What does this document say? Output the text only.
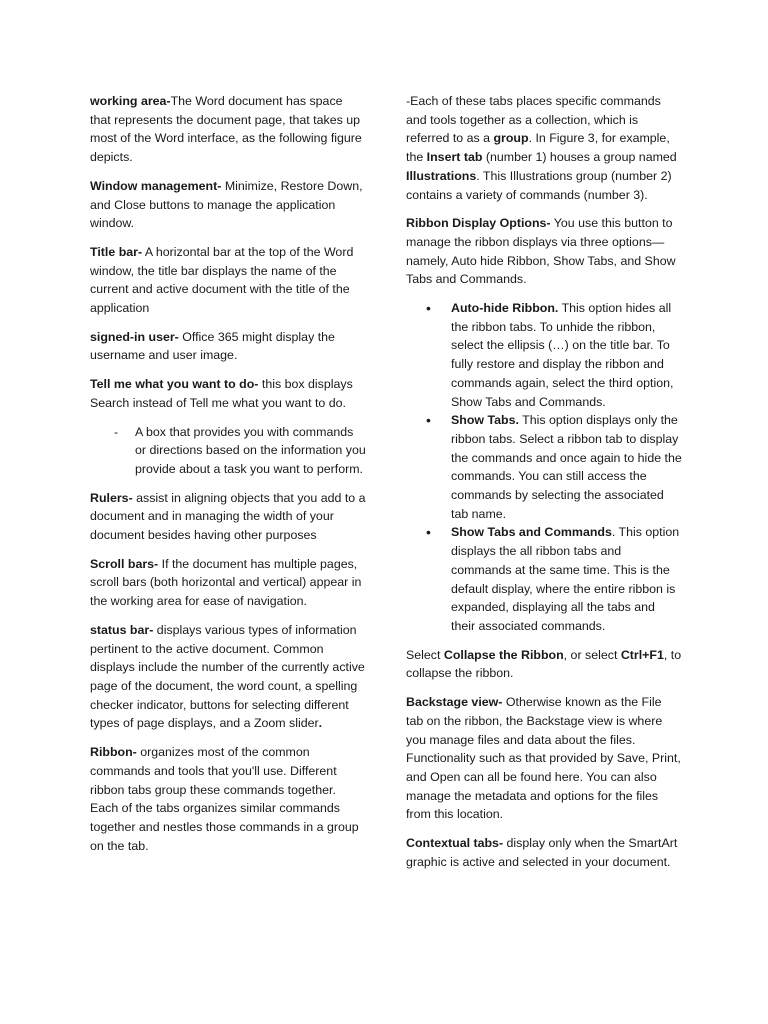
working area-The Word document has space that represents the document page, that takes up most of the Word interface, as the following figure depicts.

Window management- Minimize, Restore Down, and Close buttons to manage the application window.

Title bar- A horizontal bar at the top of the Word window, the title bar displays the name of the current and active document with the title of the application

signed-in user- Office 365 might display the username and user image.

Tell me what you want to do- this box displays Search instead of Tell me what you want to do.

- A box that provides you with commands or directions based on the information you provide about a task you want to perform.

Rulers- assist in aligning objects that you add to a document and in managing the width of your document besides having other purposes

Scroll bars- If the document has multiple pages, scroll bars (both horizontal and vertical) appear in the working area for ease of navigation.

status bar- displays various types of information pertinent to the active document. Common displays include the number of the currently active page of the document, the word count, a spelling checker indicator, buttons for selecting different types of page displays, and a Zoom slider.

Ribbon- organizes most of the common commands and tools that you'll use. Different ribbon tabs group these commands together. Each of the tabs organizes similar commands together and nestles those commands in a group on the tab.

-Each of these tabs places specific commands and tools together as a collection, which is referred to as a group. In Figure 3, for example, the Insert tab (number 1) houses a group named Illustrations. This Illustrations group (number 2) contains a variety of commands (number 3).

Ribbon Display Options- You use this button to manage the ribbon displays via three options—namely, Auto hide Ribbon, Show Tabs, and Show Tabs and Commands.

• Auto-hide Ribbon. This option hides all the ribbon tabs. To unhide the ribbon, select the ellipsis (…) on the title bar. To fully restore and display the ribbon and commands again, select the third option, Show Tabs and Commands.
• Show Tabs. This option displays only the ribbon tabs. Select a ribbon tab to display the commands and once again to hide the commands. You can still access the commands by selecting the associated tab name.
• Show Tabs and Commands. This option displays the all ribbon tabs and commands at the same time. This is the default display, where the entire ribbon is expanded, displaying all the tabs and their associated commands.

Select Collapse the Ribbon, or select Ctrl+F1, to collapse the ribbon.

Backstage view- Otherwise known as the File tab on the ribbon, the Backstage view is where you manage files and data about the files. Functionality such as that provided by Save, Print, and Open can all be found here. You can also manage the metadata and options for the files from this location.

Contextual tabs- display only when the SmartArt graphic is active and selected in your document.
